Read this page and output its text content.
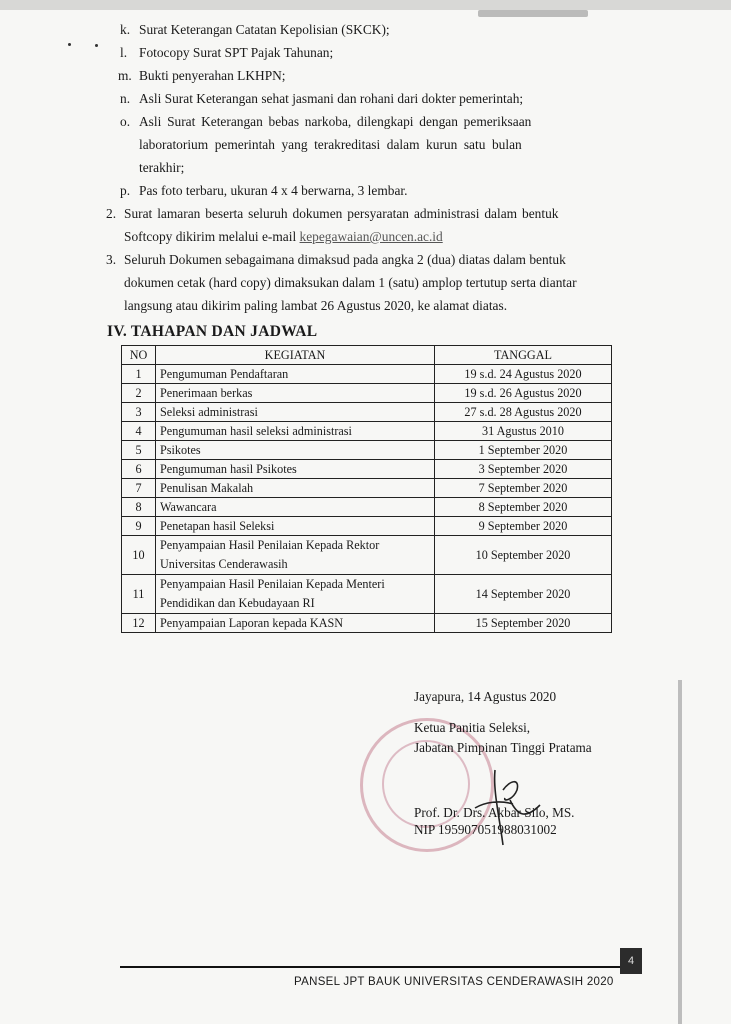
k. Surat Keterangan Catatan Kepolisian (SKCK);
l. Fotocopy Surat SPT Pajak Tahunan;
m. Bukti penyerahan LKHPN;
n. Asli Surat Keterangan sehat jasmani dan rohani dari dokter pemerintah;
o. Asli Surat Keterangan bebas narkoba, dilengkapi dengan pemeriksaan
laboratorium pemerintah yang terakreditasi dalam kurun satu bulan
terakhir;
p. Pas foto terbaru, ukuran 4 x 4 berwarna, 3 lembar.
2. Surat lamaran beserta seluruh dokumen persyaratan administrasi dalam bentuk
Softcopy dikirim melalui e-mail kepegawaian@uncen.ac.id
3. Seluruh Dokumen sebagaimana dimaksud pada angka 2 (dua) diatas dalam bentuk
dokumen cetak (hard copy) dimaksukan dalam 1 (satu) amplop tertutup serta diantar
langsung atau dikirim paling lambat 26 Agustus 2020, ke alamat diatas.
IV. TAHAPAN DAN JADWAL
NO	KEGIATAN	TANGGAL
1	Pengumuman Pendaftaran	19 s.d. 24 Agustus 2020
2	Penerimaan berkas	19 s.d. 26 Agustus 2020
3	Seleksi administrasi	27 s.d. 28 Agustus 2020
4	Pengumuman hasil seleksi administrasi	31 Agustus 2010
5	Psikotes	1 September 2020
6	Pengumuman hasil Psikotes	3 September 2020
7	Penulisan Makalah	7 September 2020
8	Wawancara	8 September 2020
9	Penetapan hasil Seleksi	9 September 2020
10	Penyampaian Hasil Penilaian Kepada Rektor
Universitas Cenderawasih	10 September 2020
11	Penyampaian Hasil Penilaian Kepada Menteri
Pendidikan dan Kebudayaan RI	14 September 2020
12	Penyampaian Laporan kepada KASN	15 September 2020
Jayapura, 14 Agustus 2020
Ketua Panitia Seleksi,
Jabatan Pimpinan Tinggi Pratama
Prof. Dr. Drs. Akbar Silo, MS.
NIP 195907051988031002
4
PANSEL JPT BAUK UNIVERSITAS CENDERAWASIH 2020
